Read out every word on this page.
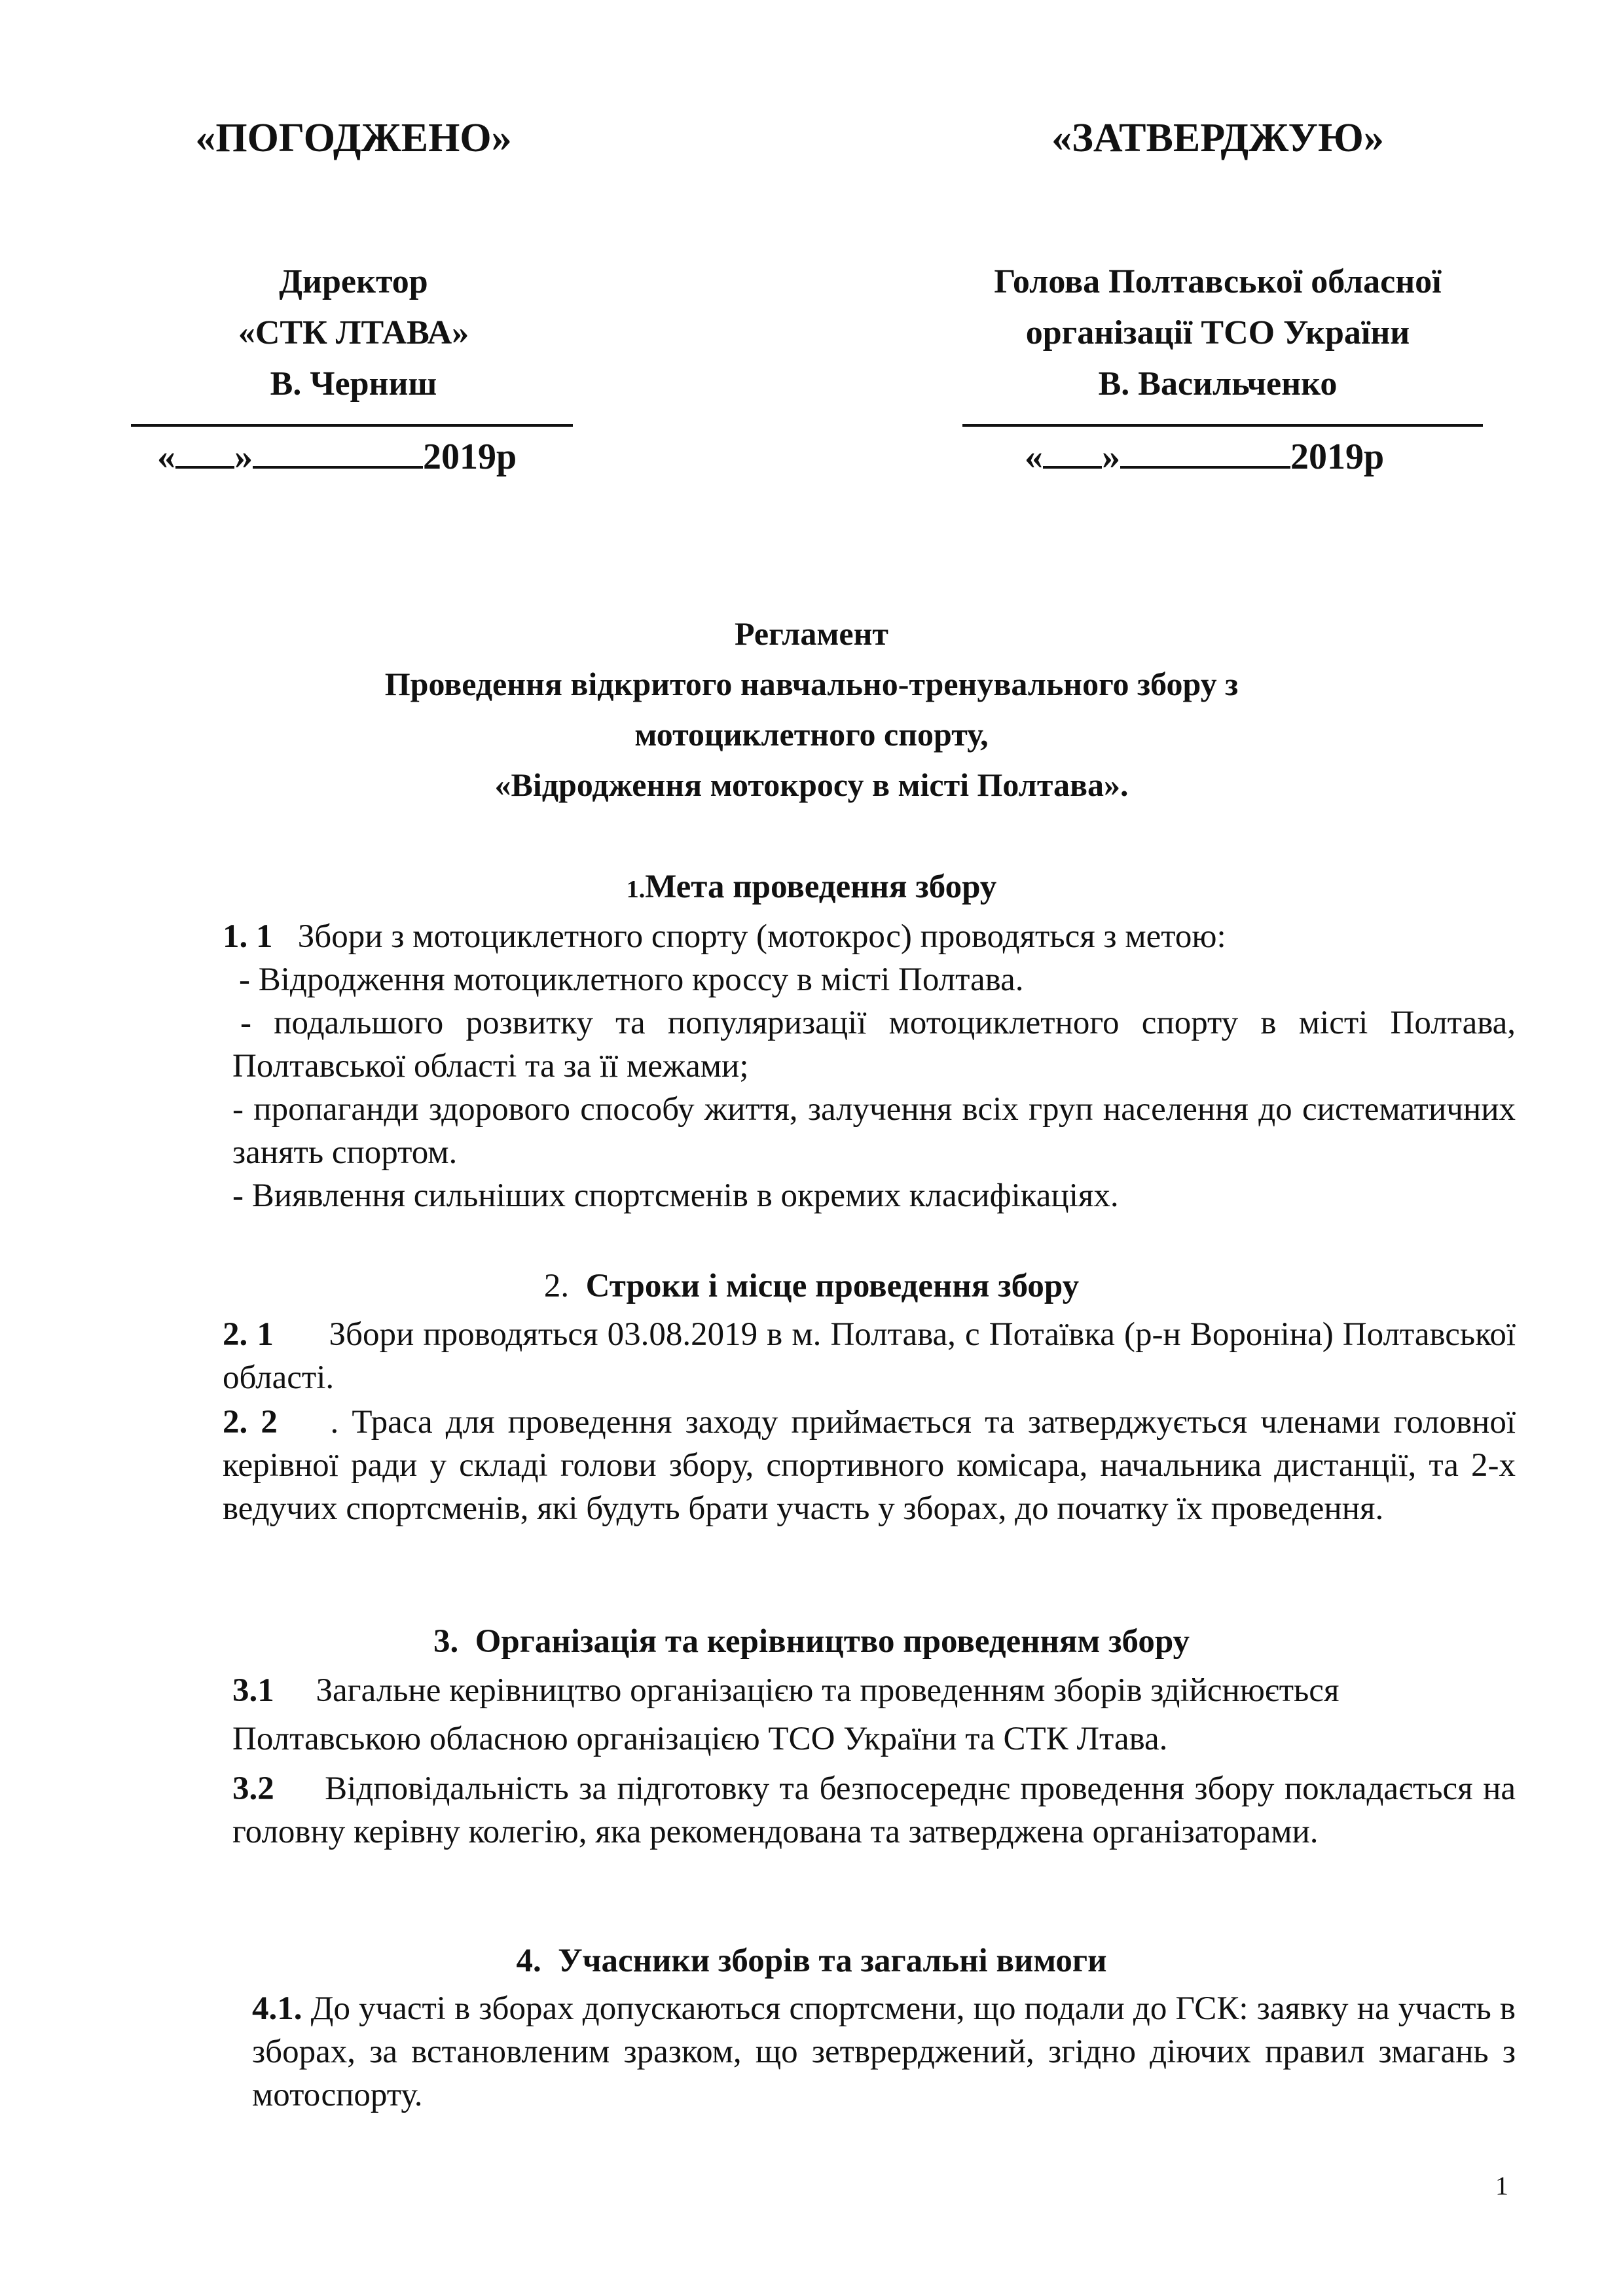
«ПОГОДЖЕНО»
Директор
«СТК ЛТАВА»
В. Черниш
« »	2019р
«ЗАТВЕРДЖУЮ»
Голова Полтавської обласної
організації ТСО України
В. Васильченко
« »	2019р
Регламент
Проведення відкритого навчально-тренувального збору з
мотоциклетного спорту,
«Відродження мотокросу в місті Полтава».
1.Мета проведення збору
1. 1 Збори з мотоциклетного спорту (мотокрос) проводяться з метою:
- Відродження мотоциклетного кроссу в місті Полтава.
- подальшого розвитку та популяризації мотоциклетного спорту в місті Полтава, Полтавської області та за її межами;
- пропаганди здорового способу життя, залучення всіх груп населення до систематичних занять спортом.
- Виявлення сильніших спортсменів в окремих класифікаціях.
2. Строки і місце проведення збору
2. 1 Збори проводяться 03.08.2019 в м. Полтава, с Потаївка (р-н Вороніна) Полтавської області.
2. 2 . Траса для проведення заходу приймається та затверджується членами головної керівної ради у складі голови збору, спортивного комісара, начальника дистанції, та 2-х ведучих спортсменів, які будуть брати участь у зборах, до початку їх проведення.
3. Організація та керівництво проведенням збору
3.1 Загальне керівництво організацією та проведенням зборів здійснюється
Полтавською обласною організацією ТСО України та СТК Лтава.
3.2 Відповідальність за підготовку та безпосереднє проведення збору покладається на головну керівну колегію, яка рекомендована та затверджена організаторами.
4. Учасники зборів та загальні вимоги
4.1. До участі в зборах допускаються спортсмени, що подали до ГСК: заявку на участь в зборах, за встановленим зразком, що зетврерджений, згідно діючих правил змагань з мотоспорту.
1
